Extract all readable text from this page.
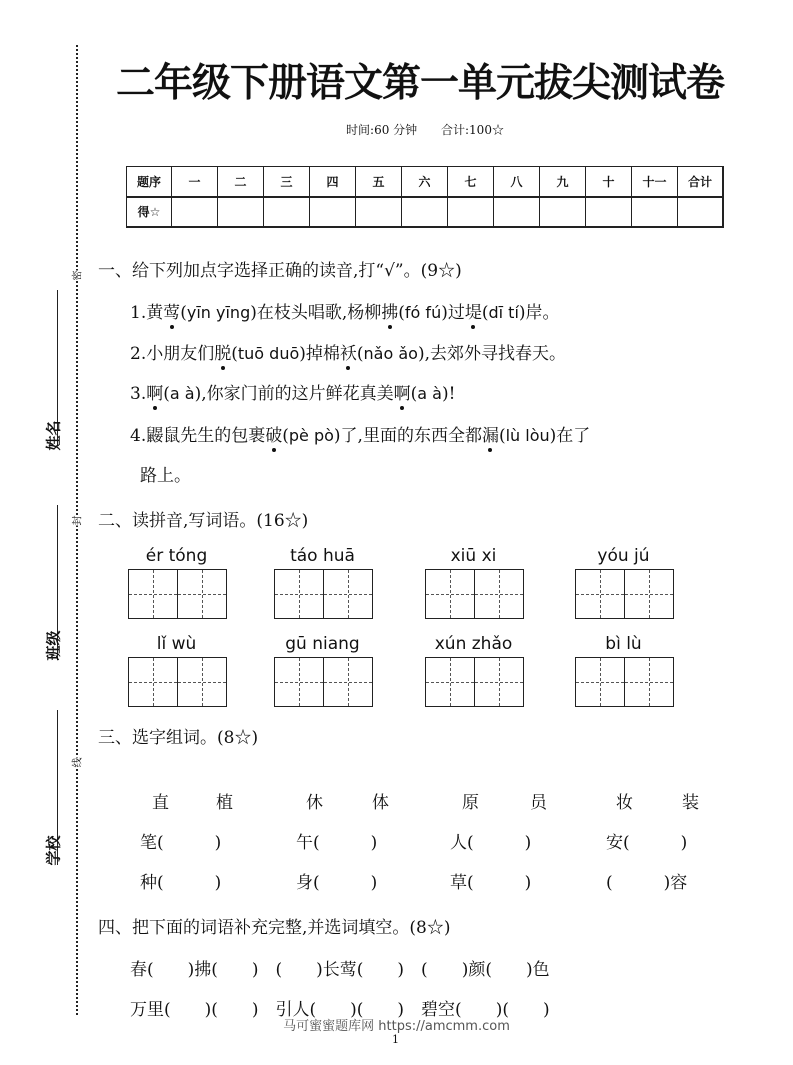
姓名
班级
学校
密
封
线
二年级下册语文第一单元拔尖测试卷
时间:60 分钟 合计:100☆
题序	一	二	三	四	五	六	七	八	九	十	十一	合计
得☆												
一、给下列加点字选择正确的读音,打“√”。(9☆)
1.黄莺(yīn yīng)在枝头唱歌,杨柳拂(fó fú)过堤(dī tí)岸。
2.小朋友们脱(tuō duō)掉棉袄(nǎo ǎo),去郊外寻找春天。
3.啊(a à),你家门前的这片鲜花真美啊(a à)!
4.鼹鼠先生的包裹破(pè pò)了,里面的东西全都漏(lù lòu)在了
路上。
二、读拼音,写词语。(16☆)
ér tóng	táo huā	xiū xi	yóu jú
lǐ wù	gū niang	xún zhǎo	bì lù
三、选字组词。(8☆)
直	植	休	体	原	员	妆	装
笔(　　　)	午(　　　)	人(　　　)	安(　　　)
种(　　　)	身(　　　)	草(　　　)	(　　　)容
四、把下面的词语补充完整,并选词填空。(8☆)
春(　　)拂(　　)　(　　)长莺(　　)　(　　)颜(　　)色
万里(　　)(　　)　引人(　　)(　　)　碧空(　　)(　　)
马可蜜蜜题库网 https://amcmm.com
1
